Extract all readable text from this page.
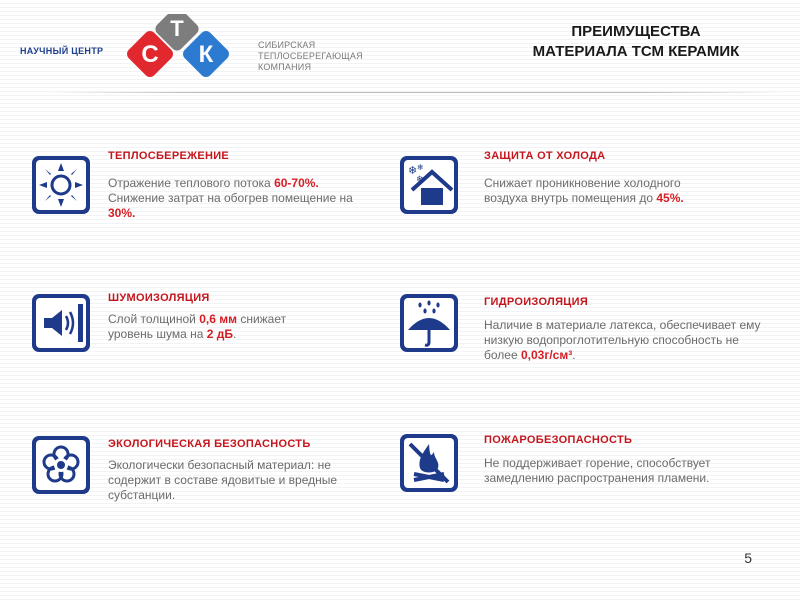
НАУЧНЫЙ ЦЕНТР
Т
С К	СИБИРСКАЯ
ТЕПЛОСБЕРЕГАЮЩАЯ
КОМПАНИЯ
ПРЕИМУЩЕСТВА
МАТЕРИАЛА ТСМ КЕРАМИК
ТЕПЛОСБЕРЕЖЕНИЕ
Отражение теплового потока 60-70%. Снижение затрат на обогрев помещение на 30%.
❄
❄
❄
ЗАЩИТА ОТ ХОЛОДА
Снижает проникновение холодного воздуха внутрь помещения до 45%.
ШУМОИЗОЛЯЦИЯ
Слой толщиной 0,6 мм снижает уровень шума на 2 дБ.
ГИДРОИЗОЛЯЦИЯ
Наличие в материале латекса, обеспечивает ему низкую водопроглотительную способность не более 0,03г/см³.
ЭКОЛОГИЧЕСКАЯ БЕЗОПАСНОСТЬ
Экологически безопасный материал: не содержит в составе ядовитые и вредные субстанции.
ПОЖАРОБЕЗОПАСНОСТЬ
Не поддерживает горение, способствует замедлению распространения пламени.
5
